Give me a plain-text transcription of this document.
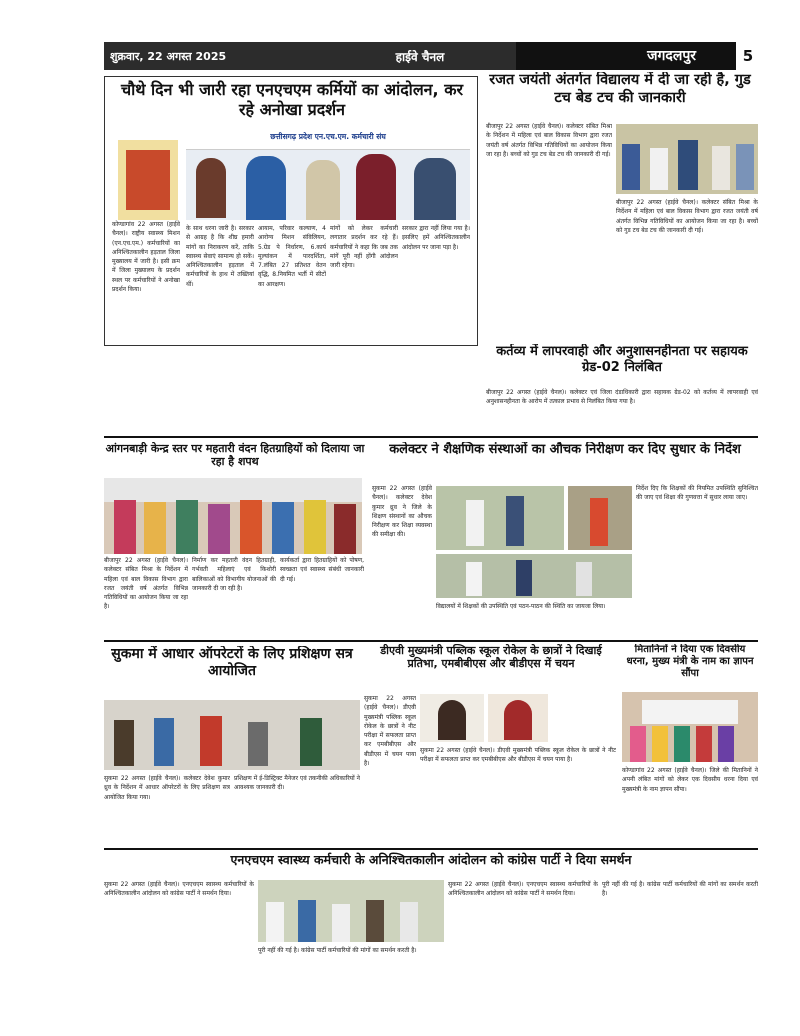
शुक्रवार, 22 अगस्त 2025	हाईवे चैनल	जगदलपुर	5
चौथे दिन भी जारी रहा एनएचएम कर्मियों का आंदोलन, कर रहे अनोखा प्रदर्शन
छत्तीसगढ़ प्रदेश एन.एच.एम. कर्मचारी संघ
कोण्डागांव 22 अगस्त (हाईवे चैनल)। राष्ट्रीय स्वास्थ्य मिशन (एन.एच.एम.) कर्मचारियों का अनिश्चितकालीन हड़ताल जिला मुख्यालय में जारी है। इसी क्रम में जिला मुख्यालय के प्रदर्शन स्थल पर कर्मचारियों ने अनोखा प्रदर्शन किया।
के साथ धरना जारी है। सरकार से आग्रह है कि शीघ्र हमारी मांगों का निराकरण करें, ताकि स्वास्थ्य सेवाएं सामान्य हो सकें। अनिश्चितकालीन हड़ताल में कर्मचारियों के हाथ में तख्तियां थीं।
आयाम, परिवार कल्याण, 4 आरोग्य मिशन संविलियन, 5.ग्रेड पे निर्धारण, 6.कार्य मूल्यांकन में पारदर्शिता, 7.लंबित 27 प्रतिशत वेतन वृद्धि, 8.नियमित भर्ती में सीटों का आरक्षण।
मांगों को लेकर कर्मचारी लगातार प्रदर्शन कर रहे हैं। कर्मचारियों ने कहा कि जब तक मांगें पूरी नहीं होंगी आंदोलन जारी रहेगा।
सरकार द्वारा नहीं लिया गया है। इसलिए हमें अनिश्चितकालीन आंदोलन पर जाना पड़ा है।
रजत जयंती अंतर्गत विद्यालय में दी जा रही है, गुड टच बेड टच की जानकारी
बीजापुर 22 अगस्त (हाईवे चैनल)। कलेक्टर संबित मिश्रा के निर्देशन में महिला एवं बाल विकास विभाग द्वारा रजत जयंती वर्ष अंतर्गत विभिन्न गतिविधियों का आयोजन किया जा रहा है। बच्चों को गुड टच बेड टच की जानकारी दी गई।
बीजापुर 22 अगस्त (हाईवे चैनल)। कलेक्टर संबित मिश्रा के निर्देशन में महिला एवं बाल विकास विभाग द्वारा रजत जयंती वर्ष अंतर्गत विभिन्न गतिविधियों का आयोजन किया जा रहा है। बच्चों को गुड टच बेड टच की जानकारी दी गई।
कर्तव्य में लापरवाही और अनुशासनहीनता पर सहायक ग्रेड-02 निलंबित
बीजापुर 22 अगस्त (हाईवे चैनल)। कलेक्टर एवं जिला दंडाधिकारी द्वारा सहायक ग्रेड-02 को कर्तव्य में लापरवाही एवं अनुशासनहीनता के आरोप में तत्काल प्रभाव से निलंबित किया गया है।
आंगनबाड़ी केन्द्र स्तर पर महतारी वंदन हितग्राहियों को दिलाया जा रहा है शपथ
बीजापुर 22 अगस्त (हाईवे चैनल)। कलेक्टर संबित मिश्रा के निर्देशन में महिला एवं बाल विकास विभाग द्वारा रजत जयंती वर्ष अंतर्गत विभिन्न गतिविधियों का आयोजन किया जा रहा है।
निर्माण कर महतारी वंदन हितग्राही, गर्भवती महिलाएं एवं किशोरी बालिकाओं को विभागीय योजनाओं की जानकारी दी जा रही है।
कार्यकर्ता द्वारा हितग्राहियों को पोषण, स्वच्छता एवं स्वास्थ्य संबंधी जानकारी दी गई।
कलेक्टर ने शैक्षणिक संस्थाओं का औचक निरीक्षण कर दिए सुधार के निर्देश
सुकमा 22 अगस्त (हाईवे चैनल)। कलेक्टर देवेश कुमार ध्रुव ने जिले के शिक्षण संस्थानों का औचक निरीक्षण कर शिक्षा व्यवस्था की समीक्षा की।
विद्यालयों में शिक्षकों की उपस्थिति एवं पठन-पाठन की स्थिति का जायजा लिया।
निर्देश दिए कि शिक्षकों की नियमित उपस्थिति सुनिश्चित की जाए एवं शिक्षा की गुणवत्ता में सुधार लाया जाए।
सुकमा में आधार ऑपरेटरों के लिए प्रशिक्षण सत्र आयोजित
सुकमा 22 अगस्त (हाईवे चैनल)। कलेक्टर देवेश कुमार ध्रुव के निर्देशन में आधार ऑपरेटरों के लिए प्रशिक्षण सत्र आयोजित किया गया।
प्रशिक्षण में ई-डिस्ट्रिक्ट मैनेजर एवं तकनीकी अधिकारियों ने आवश्यक जानकारी दी।
डीएवी मुख्यमंत्री पब्लिक स्कूल रोकेल के छात्रों ने दिखाई प्रतिभा, एमबीबीएस और बीडीएस में चयन
सुकमा 22 अगस्त (हाईवे चैनल)। डीएवी मुख्यमंत्री पब्लिक स्कूल रोकेल के छात्रों ने नीट परीक्षा में सफलता प्राप्त कर एमबीबीएस और बीडीएस में चयन पाया है।
सुकमा 22 अगस्त (हाईवे चैनल)। डीएवी मुख्यमंत्री पब्लिक स्कूल रोकेल के छात्रों ने नीट परीक्षा में सफलता प्राप्त कर एमबीबीएस और बीडीएस में चयन पाया है।
मितानिनों ने दिया एक दिवसीय धरना, मुख्य मंत्री के नाम का ज्ञापन सौंपा
कोण्डागांव 22 अगस्त (हाईवे चैनल)। जिले की मितानिनों ने अपनी लंबित मांगों को लेकर एक दिवसीय धरना दिया एवं मुख्यमंत्री के नाम ज्ञापन सौंपा।
एनएचएम स्वास्थ्य कर्मचारी के अनिश्चितकालीन आंदोलन को कांग्रेस पार्टी ने दिया समर्थन
सुकमा 22 अगस्त (हाईवे चैनल)। एनएचएम स्वास्थ्य कर्मचारियों के अनिश्चितकालीन आंदोलन को कांग्रेस पार्टी ने समर्थन दिया।
पूरी नहीं की गई है। कांग्रेस पार्टी कर्मचारियों की मांगों का समर्थन करती है।
सुकमा 22 अगस्त (हाईवे चैनल)। एनएचएम स्वास्थ्य कर्मचारियों के अनिश्चितकालीन आंदोलन को कांग्रेस पार्टी ने समर्थन दिया।
पूरी नहीं की गई है। कांग्रेस पार्टी कर्मचारियों की मांगों का समर्थन करती है।
